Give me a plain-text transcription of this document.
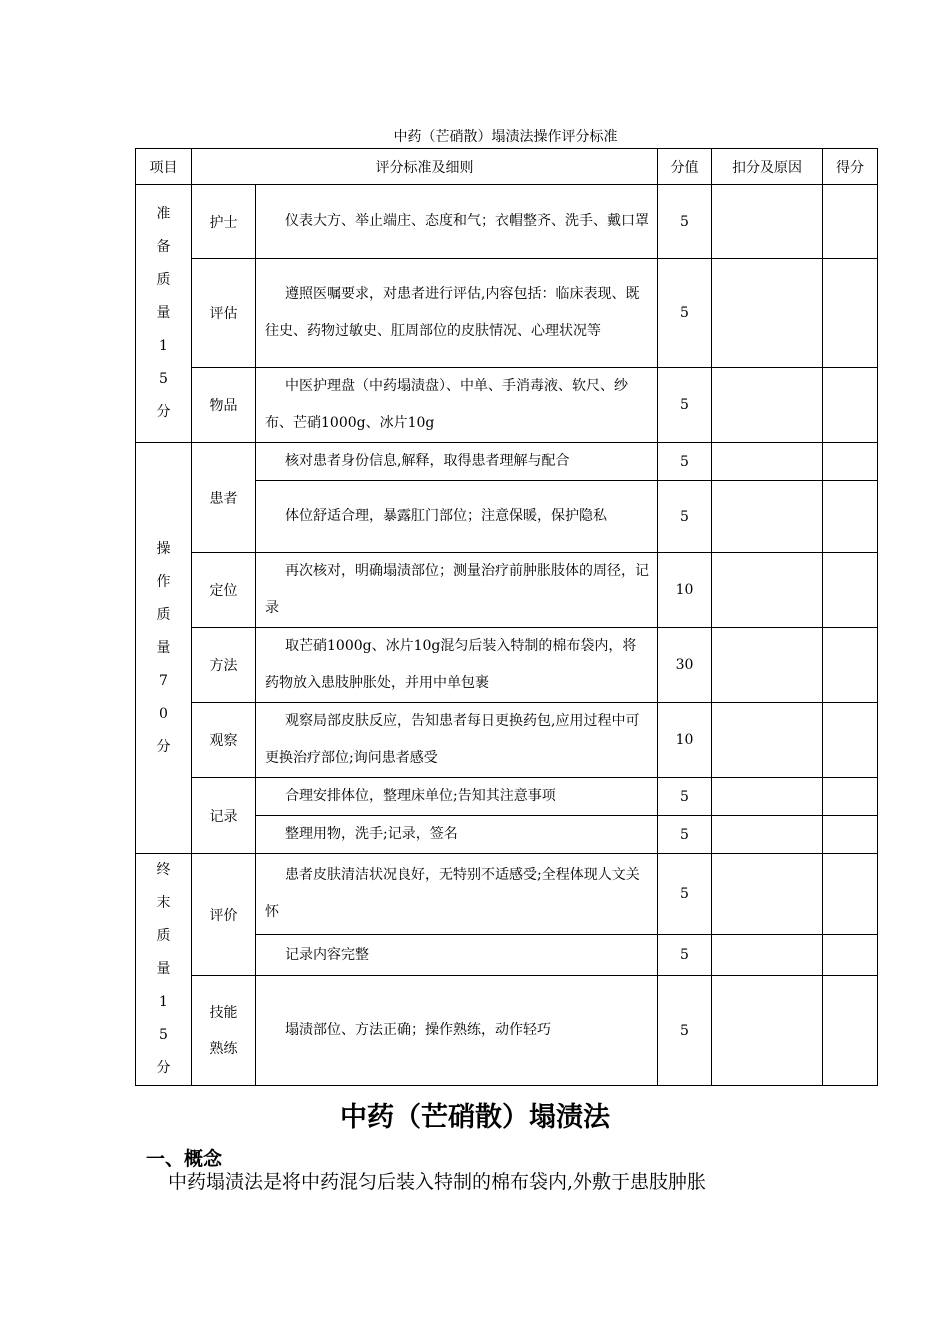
中药（芒硝散）塌渍法操作评分标准
项目	评分标准及细则		分值	扣分及原因	得分
准备质量15分	护士	仪表大方、举止端庄、态度和气；衣帽整齐、洗手、戴口罩	5		
	评估	遵照医嘱要求，对患者进行评估,内容包括：临床表现、既往史、药物过敏史、肛周部位的皮肤情况、心理状况等	5		
	物品	中医护理盘（中药塌渍盘）、中单、手消毒液、软尺、纱布、芒硝1000g、冰片10g	5		
操作质量70分	患者	核对患者身份信息,解释，取得患者理解与配合	5		

		体位舒适合理，暴露肛门部位；注意保暖，保护隐私	5		
	定位	再次核对，明确塌渍部位；测量治疗前肿胀肢体的周径，记录	10		
	方法	取芒硝1000g、冰片10g混匀后装入特制的棉布袋内，将药物放入患肢肿胀处，并用中单包裹	30		
	观察	观察局部皮肤反应，告知患者每日更换药包,应用过程中可更换治疗部位;询问患者感受	10		
	记录	合理安排体位，整理床单位;告知其注意事项	5		

		整理用物，洗手;记录，签名	5		
终末质量15分	评价	患者皮肤清洁状况良好，无特别不适感受;全程体现人文关怀	5		

		记录内容完整	5		
	技能熟练	塌渍部位、方法正确；操作熟练，动作轻巧	5		
中药（芒硝散）塌渍法
一、概念
中药塌渍法是将中药混匀后装入特制的棉布袋内,外敷于患肢肿胀
